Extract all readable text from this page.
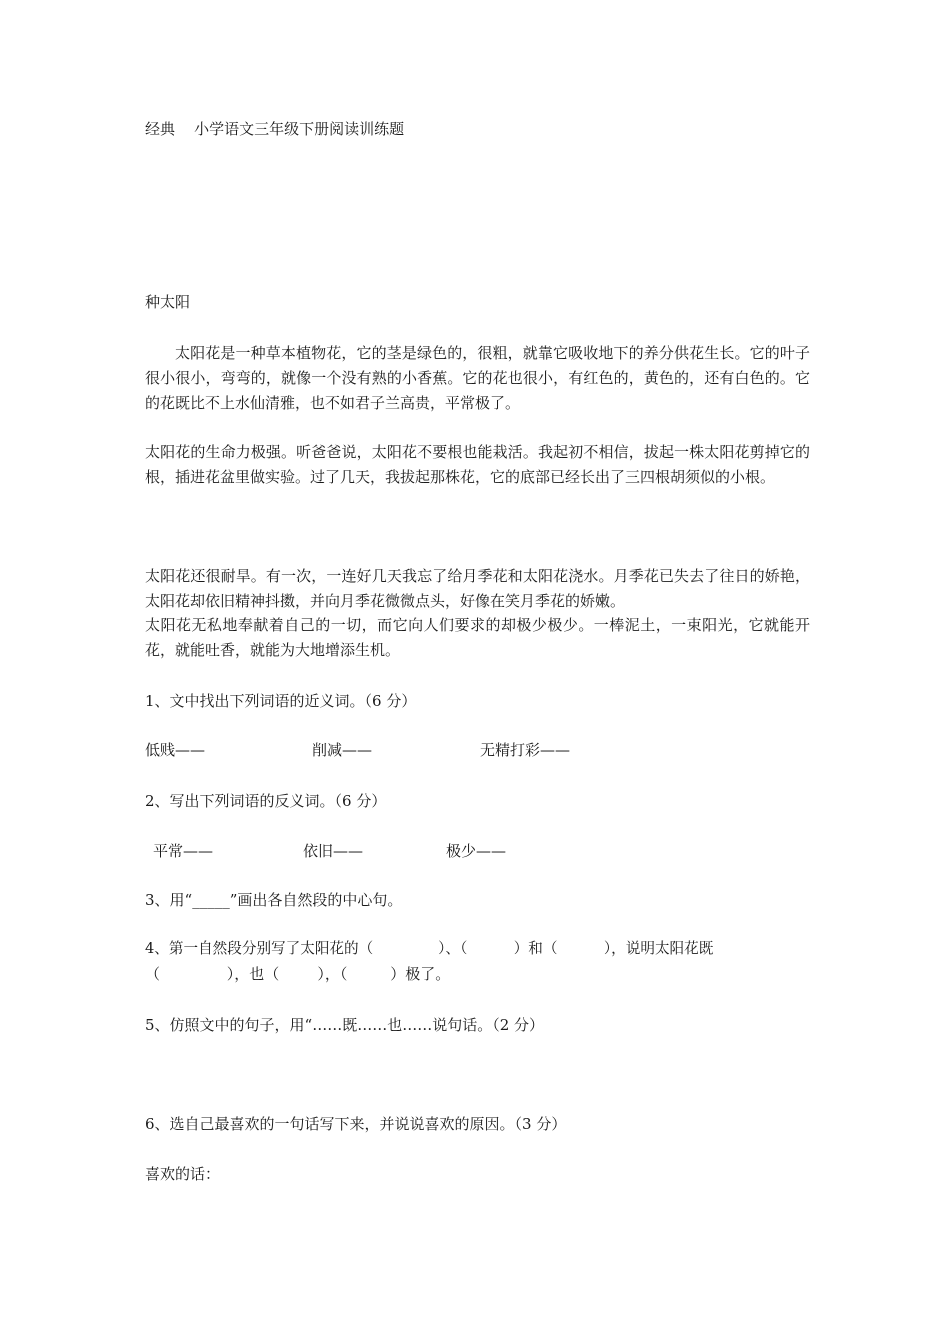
经典    小学语文三年级下册阅读训练题
种太阳
太阳花是一种草本植物花，它的茎是绿色的，很粗，就靠它吸收地下的养分供花生长。它的叶子很小很小，弯弯的，就像一个没有熟的小香蕉。它的花也很小，有红色的，黄色的，还有白色的。它的花既比不上水仙清雅，也不如君子兰高贵，平常极了。
太阳花的生命力极强。听爸爸说，太阳花不要根也能栽活。我起初不相信，拔起一株太阳花剪掉它的根，插进花盆里做实验。过了几天，我拔起那株花，它的底部已经长出了三四根胡须似的小根。
太阳花还很耐旱。有一次，一连好几天我忘了给月季花和太阳花浇水。月季花已失去了往日的娇艳，太阳花却依旧精神抖擞，并向月季花微微点头，好像在笑月季花的娇嫩。
太阳花无私地奉献着自己的一切，而它向人们要求的却极少极少。一棒泥土，一束阳光，它就能开花，就能吐香，就能为大地增添生机。
1、文中找出下列词语的近义词。（6 分）
低贱——	削减——	无精打彩——
2、写出下列词语的反义词。（6 分）
平常——	依旧——	极少——
3、用“_____”画出各自然段的中心句。
4、第一自然段分别写了太阳花的（              ）、（          ）和（          ），说明太阳花既
（              ），也（        ），（         ）极了。
5、仿照文中的句子，用“……既……也……说句话。（2 分）
6、选自己最喜欢的一句话写下来，并说说喜欢的原因。（3 分）
喜欢的话：
